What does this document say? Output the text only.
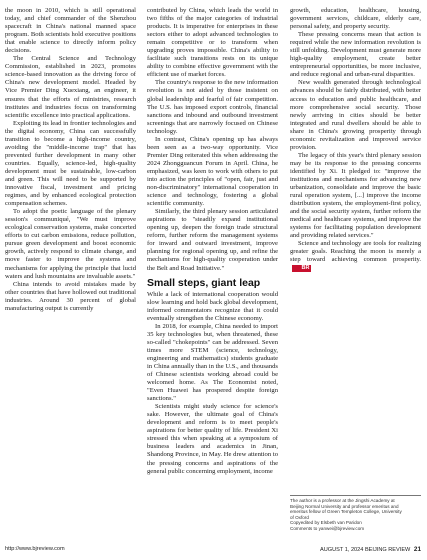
the moon in 2010, which is still operational today, and chief commander of the Shenzhou spacecraft in China's national manned space program. Both scientists hold executive positions that enable science to directly inform policy decisions.

The Central Science and Technology Commission, established in 2023, promotes science-based innovation as the driving force of China's new development model. Headed by Vice Premier Ding Xuexiang, an engineer, it ensures that the efforts of ministries, research institutes and industries focus on transforming scientific excellence into practical applications.

Exploiting its lead in frontier technologies and the digital economy, China can successfully transition to become a high-income country, avoiding the "middle-income trap" that has prevented further development in many other countries. Equally, science-led, high-quality development must be sustainable, low-carbon and green. This will need to be supported by innovative fiscal, investment and pricing regimes, and by enhanced ecological protection compensation schemes.

To adopt the poetic language of the plenary session's communiqué, "We must improve ecological conservation systems, make concerted efforts to cut carbon emissions, reduce pollution, pursue green development and boost economic growth, actively respond to climate change, and move faster to improve the systems and mechanisms for applying the principle that lucid waters and lush mountains are invaluable assets."

China intends to avoid mistakes made by other countries that have hollowed out traditional industries. Around 30 percent of global manufacturing output is currently

contributed by China, which leads the world in two fifths of the major categories of industrial products. It is imperative for enterprises in these sectors either to adopt advanced technologies to remain competitive or to transform when upgrading proves impossible. China's ability to facilitate such transitions rests on its unique ability to combine effective government with the efficient use of market forces.

The country's response to the new information revolution is not aided by those insistent on global leadership and fearful of fair competition. The U.S. has imposed export controls, financial sanctions and inbound and outbound investment screenings that are narrowly focused on Chinese technology.

In contrast, China's opening up has always been seen as a two-way opportunity. Vice Premier Ding reiterated this when addressing the 2024 Zhongguancun Forum in April. China, he emphasized, was keen to work with others to put into action the principles of "open, fair, just and non-discriminatory" international cooperation in science and technology, fostering a global scientific community.

Similarly, the third plenary session articulated aspirations to "steadily expand institutional opening up, deepen the foreign trade structural reform, further reform the management systems for inward and outward investment, improve planning for regional opening up, and refine the mechanisms for high-quality cooperation under the Belt and Road Initiative."

Small steps, giant leap

While a lack of international cooperation would slow learning and hold back global development, informed commentators recognize that it could eventually strengthen the Chinese economy.

In 2018, for example, China needed to import 35 key technologies but, when threatened, these so-called "chokepoints" can be addressed. Seven times more STEM (science, technology, engineering and mathematics) students graduate in China annually than in the U.S., and thousands of Chinese scientists working abroad could be welcomed home. As The Economist noted, "Even Huawei has prospered despite foreign sanctions."

Scientists might study science for science's sake. However, the ultimate goal of China's development and reform is to meet people's aspirations for better quality of life. President Xi stressed this when speaking at a symposium of business leaders and academics in Jinan, Shandong Province, in May. He drew attention to the pressing concerns and aspirations of the general public concerning employment, income

growth, education, healthcare, housing, government services, childcare, elderly care, personal safety, and property security.

These pressing concerns mean that action is required while the new information revolution is still unfolding. Development must generate more high-quality employment, create better entrepreneurial opportunities, be more inclusive, and reduce regional and urban-rural disparities.

New wealth generated through technological advances should be fairly distributed, with better access to education and public healthcare, and more comprehensive social security. Those newly arriving in cities should be better integrated and rural dwellers should be able to share in China's growing prosperity through economic revitalization and improved service provision.

The legacy of this year's third plenary session may be its response to the pressing concerns identified by Xi. It pledged to: "improve the institutions and mechanisms for advancing new urbanization, consolidate and improve the basic rural operation system, [...] improve the income distribution system, the employment-first policy, and the social security system, further reform the medical and healthcare systems, and improve the systems for facilitating population development and providing related services."

Science and technology are tools for realizing greater goals. Reaching the moon is merely a step toward achieving common prosperity.BR

The author is a professor at the Jingshi Academy at
Beijing Normal University and professor emeritus and
emeritus fellow of Green Templeton College, University
of Oxford
Copyedited by Elsbeth van Paridon
Comments to yanwei@bjreview.com
http://www.bjreview.com	AUGUST 1, 2024 BEIJING REVIEW 21
